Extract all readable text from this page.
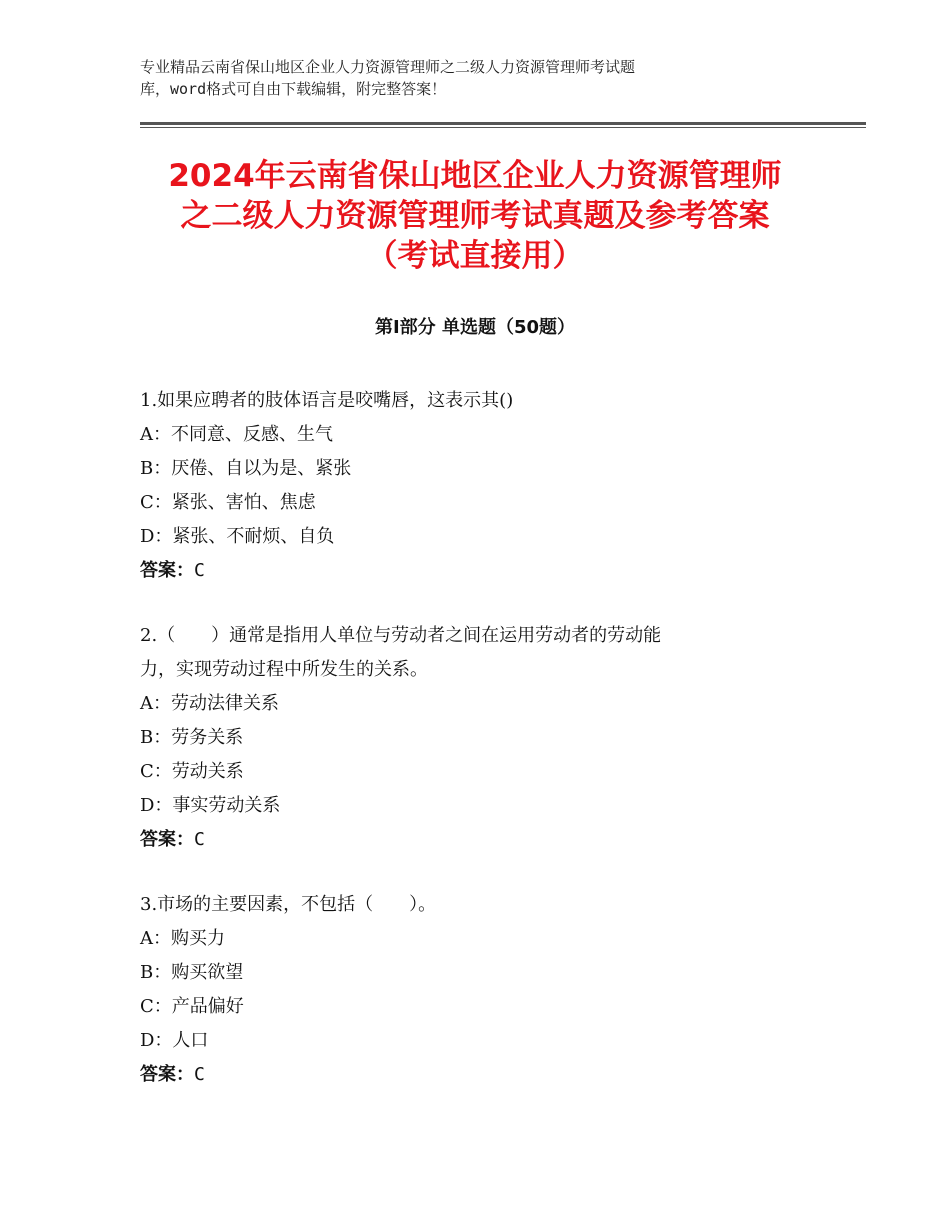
专业精品云南省保山地区企业人力资源管理师之二级人力资源管理师考试题
库，word格式可自由下载编辑，附完整答案！
2024年云南省保山地区企业人力资源管理师
之二级人力资源管理师考试真题及参考答案
（考试直接用）
第Ⅰ部分 单选题（50题）
1.如果应聘者的肢体语言是咬嘴唇，这表示其()
A：不同意、反感、生气
B：厌倦、自以为是、紧张
C：紧张、害怕、焦虑
D：紧张、不耐烦、自负
答案：C
2.（　　）通常是指用人单位与劳动者之间在运用劳动者的劳动能
力，实现劳动过程中所发生的关系。
A：劳动法律关系
B：劳务关系
C：劳动关系
D：事实劳动关系
答案：C
3.市场的主要因素，不包括（　　）。
A：购买力
B：购买欲望
C：产品偏好
D：人口
答案：C
